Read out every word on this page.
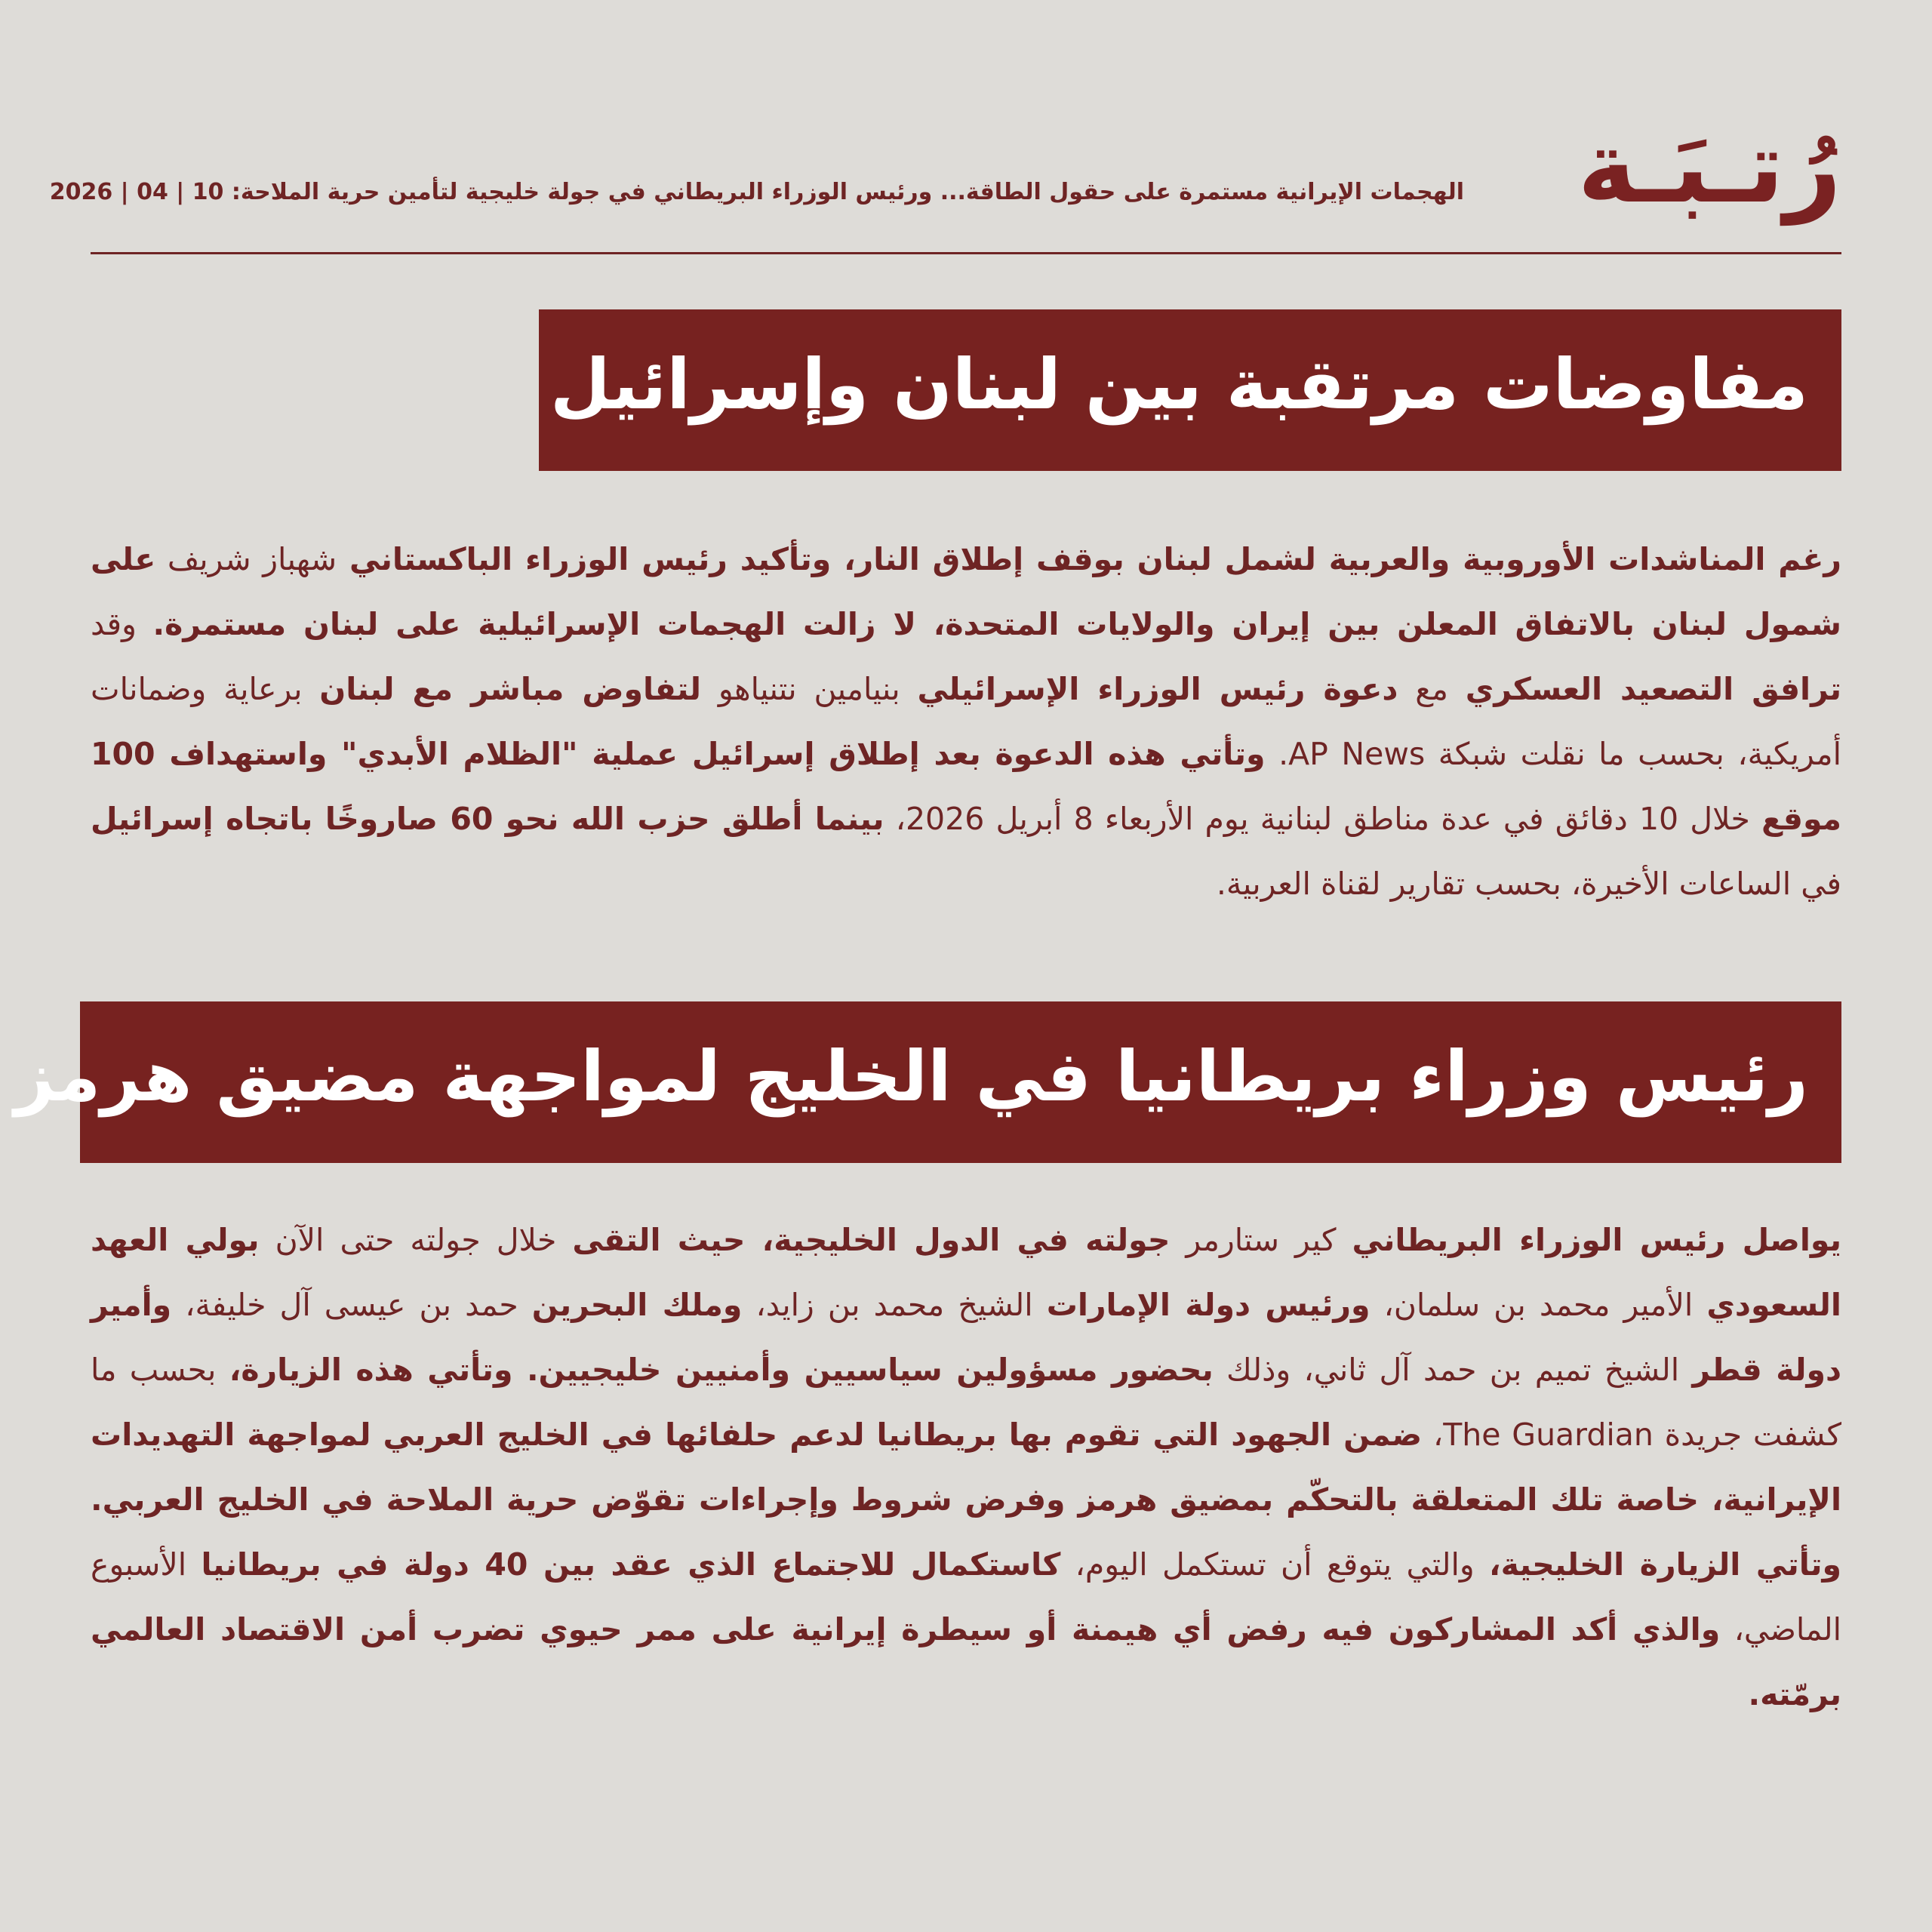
رُتـبَـة
الهجمات الإيرانية مستمرة على حقول الطاقة... ورئيس الوزراء البريطاني في جولة خليجية لتأمين حرية الملاحة: 10 | 04 | 2026
مفاوضات مرتقبة بين لبنان وإسرائيل
رغم المناشدات الأوروبية والعربية لشمل لبنان بوقف إطلاق النار، وتأكيد رئيس الوزراء الباكستاني شهباز شريف على شمول لبنان بالاتفاق المعلن بين إيران والولايات المتحدة، لا زالت الهجمات الإسرائيلية على لبنان مستمرة. وقد ترافق التصعيد العسكري مع دعوة رئيس الوزراء الإسرائيلي بنيامين نتنياهو لتفاوض مباشر مع لبنان برعاية وضمانات أمريكية، بحسب ما نقلت شبكة AP News. وتأتي هذه الدعوة بعد إطلاق إسرائيل عملية "الظلام الأبدي" واستهداف 100 موقع خلال 10 دقائق في عدة مناطق لبنانية يوم الأربعاء 8 أبريل 2026، بينما أطلق حزب الله نحو 60 صاروخًا باتجاه إسرائيل في الساعات الأخيرة، بحسب تقارير لقناة العربية.
رئيس وزراء بريطانيا في الخليج لمواجهة مضيق هرمز
يواصل رئيس الوزراء البريطاني كير ستارمر جولته في الدول الخليجية، حيث التقى خلال جولته حتى الآن بولي العهد السعودي الأمير محمد بن سلمان، ورئيس دولة الإمارات الشيخ محمد بن زايد، وملك البحرين حمد بن عيسى آل خليفة، وأمير دولة قطر الشيخ تميم بن حمد آل ثاني، وذلك بحضور مسؤولين سياسيين وأمنيين خليجيين. وتأتي هذه الزيارة، بحسب ما كشفت جريدة The Guardian، ضمن الجهود التي تقوم بها بريطانيا لدعم حلفائها في الخليج العربي لمواجهة التهديدات الإيرانية، خاصة تلك المتعلقة بالتحكّم بمضيق هرمز وفرض شروط وإجراءات تقوّض حرية الملاحة في الخليج العربي. وتأتي الزيارة الخليجية، والتي يتوقع أن تستكمل اليوم، كاستكمال للاجتماع الذي عقد بين 40 دولة في بريطانيا الأسبوع الماضي، والذي أكد المشاركون فيه رفض أي هيمنة أو سيطرة إيرانية على ممر حيوي تضرب أمن الاقتصاد العالمي برمّته.
